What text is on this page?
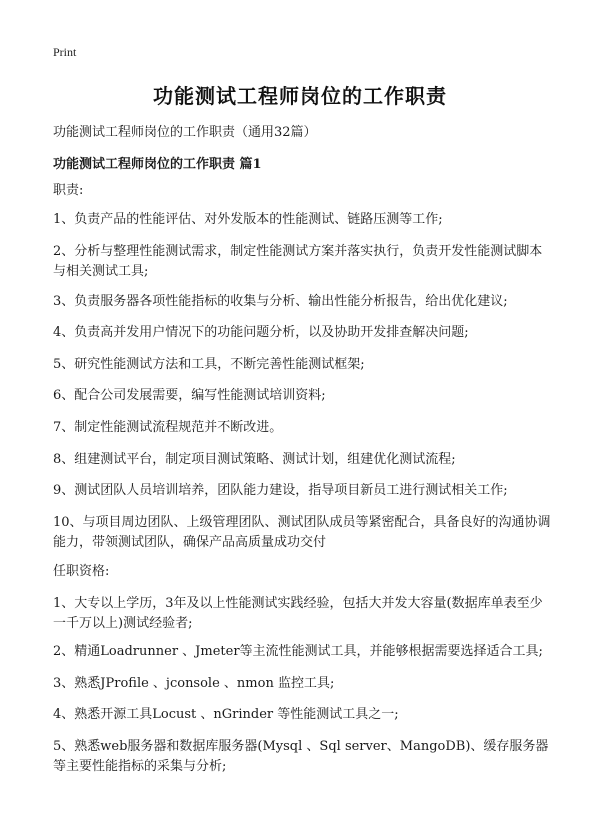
Print
功能测试工程师岗位的工作职责
功能测试工程师岗位的工作职责（通用32篇）
功能测试工程师岗位的工作职责 篇1
职责:
1、负责产品的性能评估、对外发版本的性能测试、链路压测等工作;
2、分析与整理性能测试需求，制定性能测试方案并落实执行，负责开发性能测试脚本与相关测试工具;
3、负责服务器各项性能指标的收集与分析、输出性能分析报告，给出优化建议;
4、负责高并发用户情况下的功能问题分析，以及协助开发排查解决问题;
5、研究性能测试方法和工具，不断完善性能测试框架;
6、配合公司发展需要，编写性能测试培训资料;
7、制定性能测试流程规范并不断改进。
8、组建测试平台，制定项目测试策略、测试计划，组建优化测试流程;
9、测试团队人员培训培养，团队能力建设，指导项目新员工进行测试相关工作;
10、与项目周边团队、上级管理团队、测试团队成员等紧密配合，具备良好的沟通协调能力，带领测试团队，确保产品高质量成功交付
任职资格:
1、大专以上学历，3年及以上性能测试实践经验，包括大并发大容量(数据库单表至少一千万以上)测试经验者;
2、精通Loadrunner 、Jmeter等主流性能测试工具，并能够根据需要选择适合工具;
3、熟悉JProfile 、jconsole 、nmon 监控工具;
4、熟悉开源工具Locust 、nGrinder 等性能测试工具之一;
5、熟悉web服务器和数据库服务器(Mysql 、Sql server、MangoDB)、缓存服务器等主要性能指标的采集与分析;
